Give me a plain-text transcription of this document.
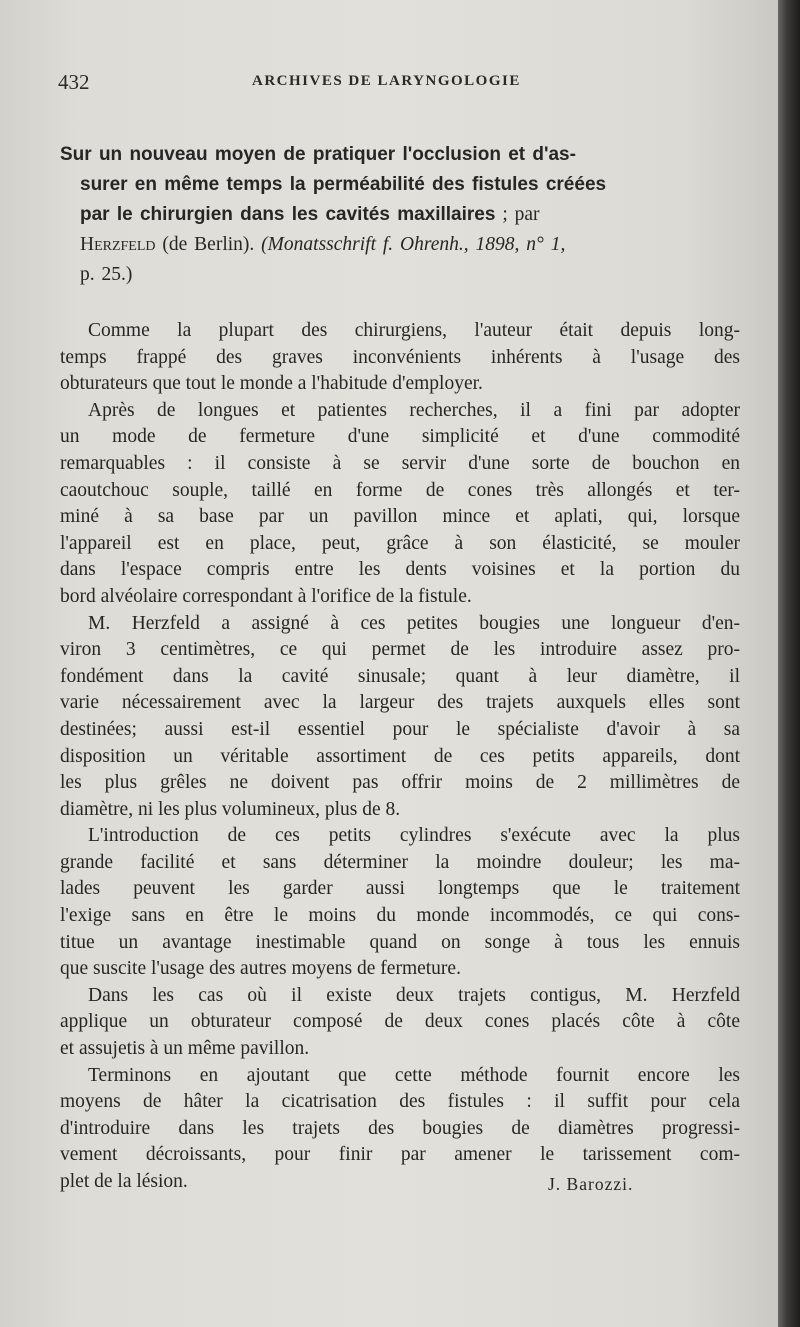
432	ARCHIVES DE LARYNGOLOGIE

Sur un nouveau moyen de pratiquer l'occlusion et d'as-
surer en même temps la perméabilité des fistules créées
par le chirurgien dans les cavités maxillaires ; par
Herzfeld (de Berlin). (Monatsschrift f. Ohrenh., 1898, n° 1,
p. 25.)

Comme la plupart des chirurgiens, l'auteur était depuis long-
temps frappé des graves inconvénients inhérents à l'usage des
obturateurs que tout le monde a l'habitude d'employer.

Après de longues et patientes recherches, il a fini par adopter
un mode de fermeture d'une simplicité et d'une commodité
remarquables : il consiste à se servir d'une sorte de bouchon en
caoutchouc souple, taillé en forme de cones très allongés et ter-
miné à sa base par un pavillon mince et aplati, qui, lorsque
l'appareil est en place, peut, grâce à son élasticité, se mouler
dans l'espace compris entre les dents voisines et la portion du
bord alvéolaire correspondant à l'orifice de la fistule.

M. Herzfeld a assigné à ces petites bougies une longueur d'en-
viron 3 centimètres, ce qui permet de les introduire assez pro-
fondément dans la cavité sinusale; quant à leur diamètre, il
varie nécessairement avec la largeur des trajets auxquels elles sont
destinées; aussi est-il essentiel pour le spécialiste d'avoir à sa
disposition un véritable assortiment de ces petits appareils, dont
les plus grêles ne doivent pas offrir moins de 2 millimètres de
diamètre, ni les plus volumineux, plus de 8.

L'introduction de ces petits cylindres s'exécute avec la plus
grande facilité et sans déterminer la moindre douleur; les ma-
lades peuvent les garder aussi longtemps que le traitement
l'exige sans en être le moins du monde incommodés, ce qui cons-
titue un avantage inestimable quand on songe à tous les ennuis
que suscite l'usage des autres moyens de fermeture.

Dans les cas où il existe deux trajets contigus, M. Herzfeld
applique un obturateur composé de deux cones placés côte à côte
et assujetis à un même pavillon.

Terminons en ajoutant que cette méthode fournit encore les
moyens de hâter la cicatrisation des fistules : il suffit pour cela
d'introduire dans les trajets des bougies de diamètres progressi-
vement décroissants, pour finir par amener le tarissement com-
plet de la lésion.	J. Barozzi.
